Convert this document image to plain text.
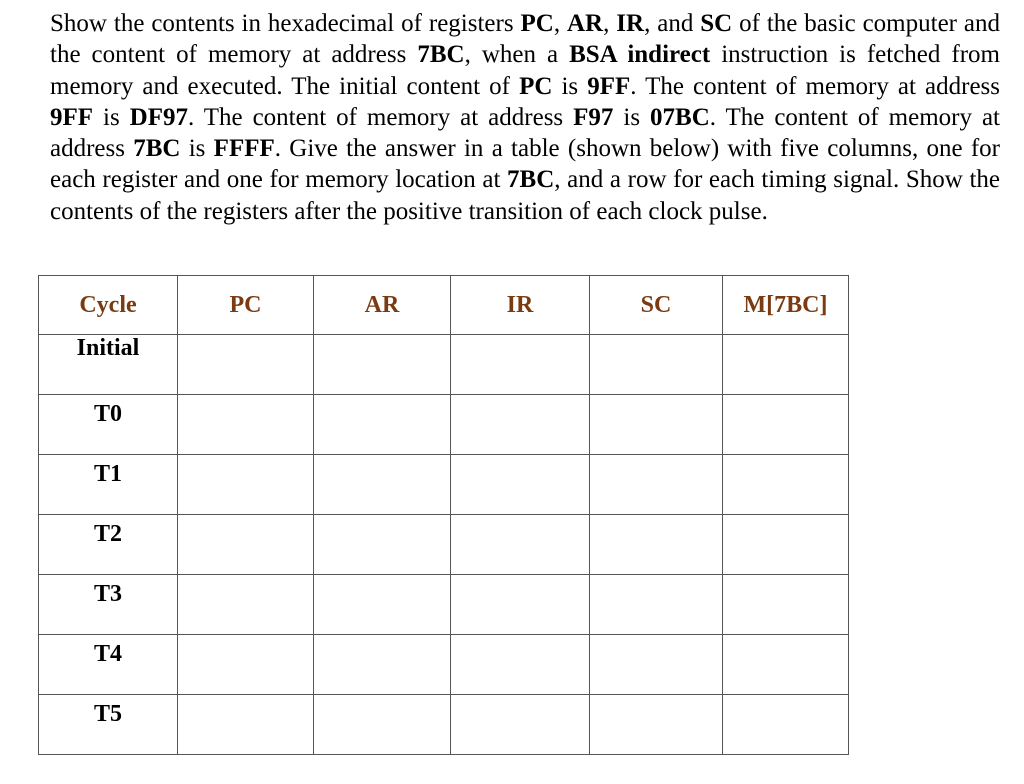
Show the contents in hexadecimal of registers PC, AR, IR, and SC of the basic computer and the content of memory at address 7BC, when a BSA indirect instruction is fetched from memory and executed. The initial content of PC is 9FF. The content of memory at address 9FF is DF97. The content of memory at address F97 is 07BC. The content of memory at address 7BC is FFFF. Give the answer in a table (shown below) with five columns, one for each register and one for memory location at 7BC, and a row for each timing signal. Show the contents of the registers after the positive transition of each clock pulse.
Cycle	PC	AR	IR	SC	M[7BC]
Initial					
T0					
T1					
T2					
T3					
T4					
T5					
